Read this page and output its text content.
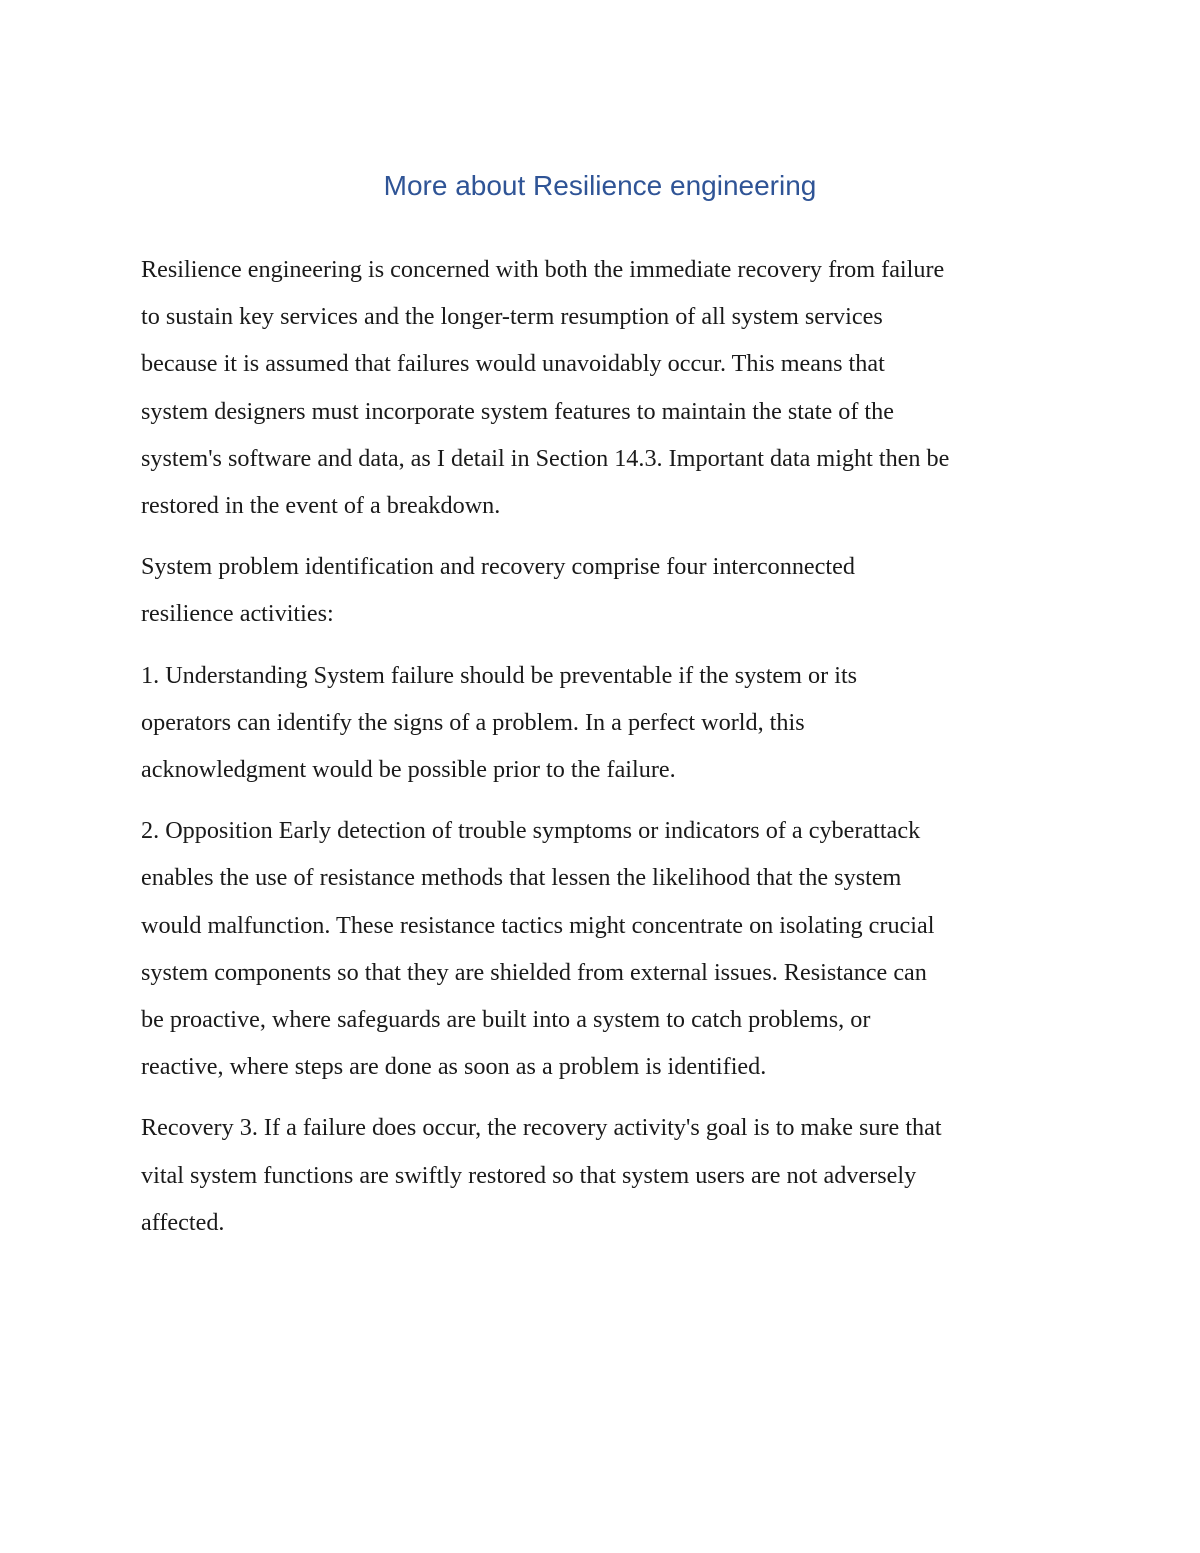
More about Resilience engineering

Resilience engineering is concerned with both the immediate recovery from failure
to sustain key services and the longer-term resumption of all system services
because it is assumed that failures would unavoidably occur. This means that
system designers must incorporate system features to maintain the state of the
system's software and data, as I detail in Section 14.3. Important data might then be
restored in the event of a breakdown.

System problem identification and recovery comprise four interconnected
resilience activities:

1. Understanding System failure should be preventable if the system or its
operators can identify the signs of a problem. In a perfect world, this
acknowledgment would be possible prior to the failure.

2. Opposition Early detection of trouble symptoms or indicators of a cyberattack
enables the use of resistance methods that lessen the likelihood that the system
would malfunction. These resistance tactics might concentrate on isolating crucial
system components so that they are shielded from external issues. Resistance can
be proactive, where safeguards are built into a system to catch problems, or
reactive, where steps are done as soon as a problem is identified.

Recovery 3. If a failure does occur, the recovery activity's goal is to make sure that
vital system functions are swiftly restored so that system users are not adversely
affected.
